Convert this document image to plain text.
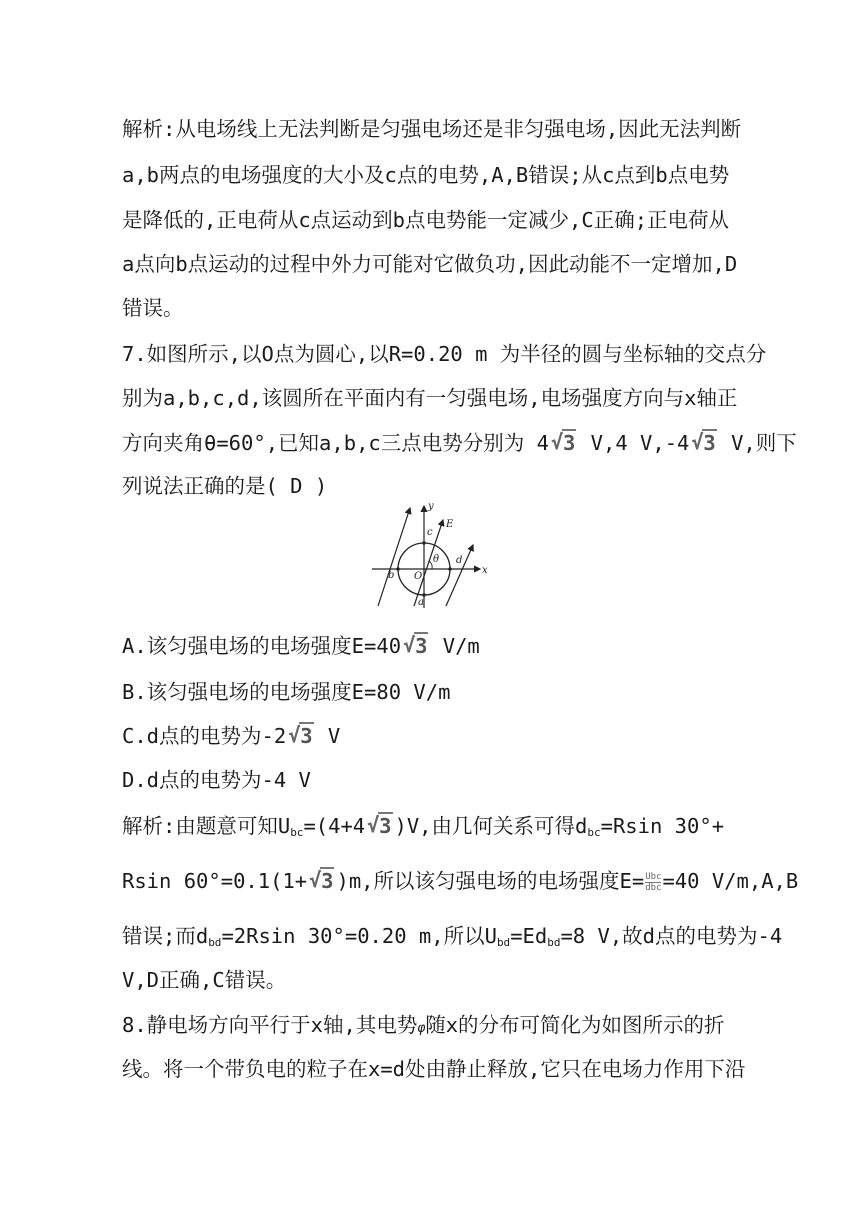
解析:从电场线上无法判断是匀强电场还是非匀强电场,因此无法判断
a,b两点的电场强度的大小及c点的电势,A,B错误;从c点到b点电势
是降低的,正电荷从c点运动到b点电势能一定减少,C正确;正电荷从
a点向b点运动的过程中外力可能对它做负功,因此动能不一定增加,D
错误。
7.如图所示,以O点为圆心,以R=0.20 m 为半径的圆与坐标轴的交点分
别为a,b,c,d,该圆所在平面内有一匀强电场,电场强度方向与x轴正
方向夹角θ=60°,已知a,b,c三点电势分别为 4√ 3 V,4 V,-4√ 3 V,则下
列说法正确的是( D )
y
x
c
E
θ d
b O
a
A.该匀强电场的电场强度E=40√ 3 V/m
B.该匀强电场的电场强度E=80 V/m
C.d点的电势为-2√ 3 V
D.d点的电势为-4 V
解析:由题意可知$U_{bc}=(4+4√$ 3 )V,由几何关系可得$d_{bc}=Rsin$ 30°+
Rsin 60°=0.1(1+√ 3 )m,所以该匀强电场的电场强度$E= \frac{\text{Ubc}}{\text{dbc}} =40$ V/m,A,B
错误;而$d_{bd}=2Rsin$ 30°=0.20 m,所以$U_{bd}=Ed_{bd}=8$ V,故d点的电势为-4
V,D正确,C错误。
8.静电场方向平行于x轴,其电势φ随x的分布可简化为如图所示的折
线。将一个带负电的粒子在x=d处由静止释放,它只在电场力作用下沿
